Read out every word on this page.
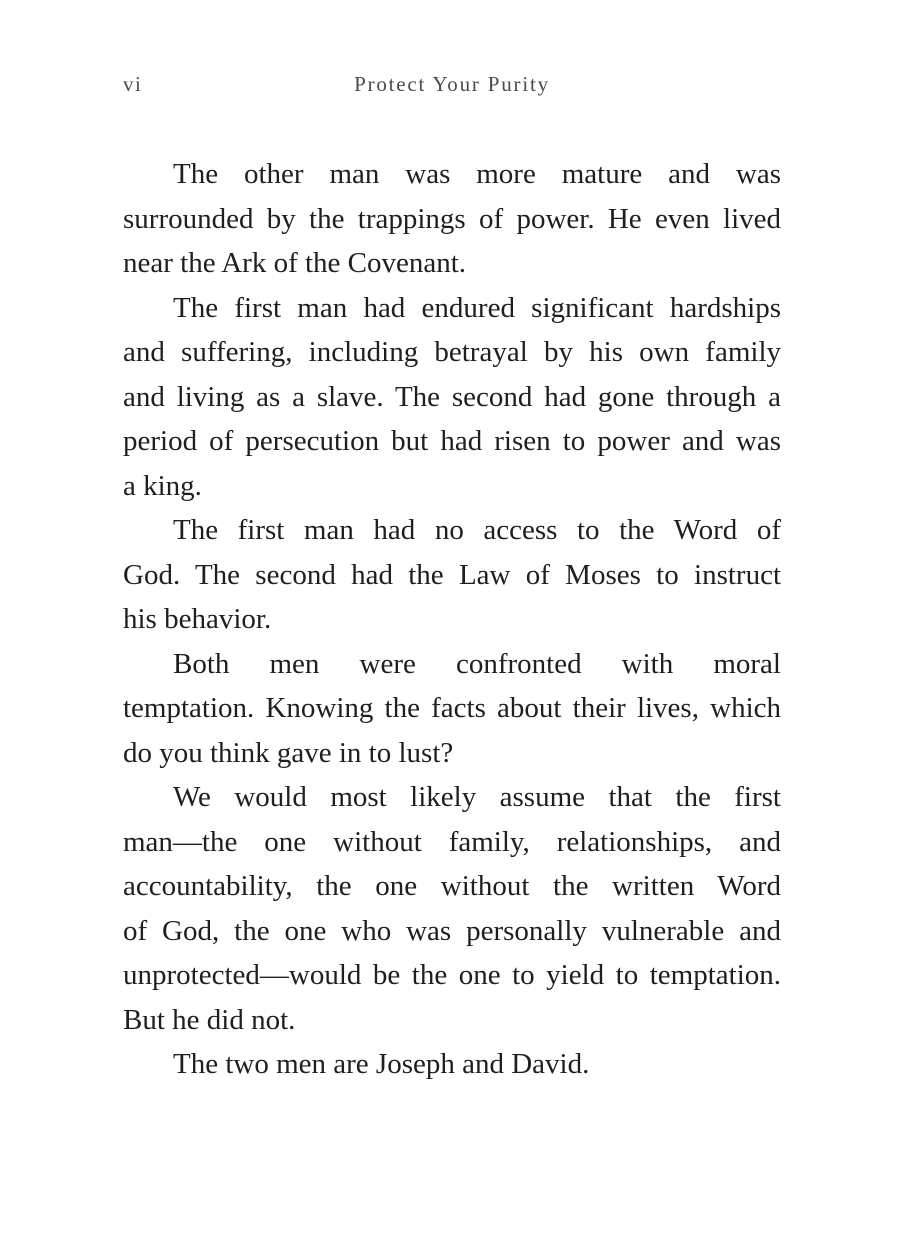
vi	Protect Your Purity
The other man was more mature and was
surrounded by the trappings of power. He even lived
near the Ark of the Covenant.
The first man had endured significant hardships
and suffering, including betrayal by his own family
and living as a slave. The second had gone through a
period of persecution but had risen to power and was
a king.
The first man had no access to the Word of
God. The second had the Law of Moses to instruct
his behavior.
Both men were confronted with moral
temptation. Knowing the facts about their lives, which
do you think gave in to lust?
We would most likely assume that the first
man—the one without family, relationships, and
accountability, the one without the written Word
of God, the one who was personally vulnerable and
unprotected—would be the one to yield to temptation.
But he did not.
The two men are Joseph and David.
